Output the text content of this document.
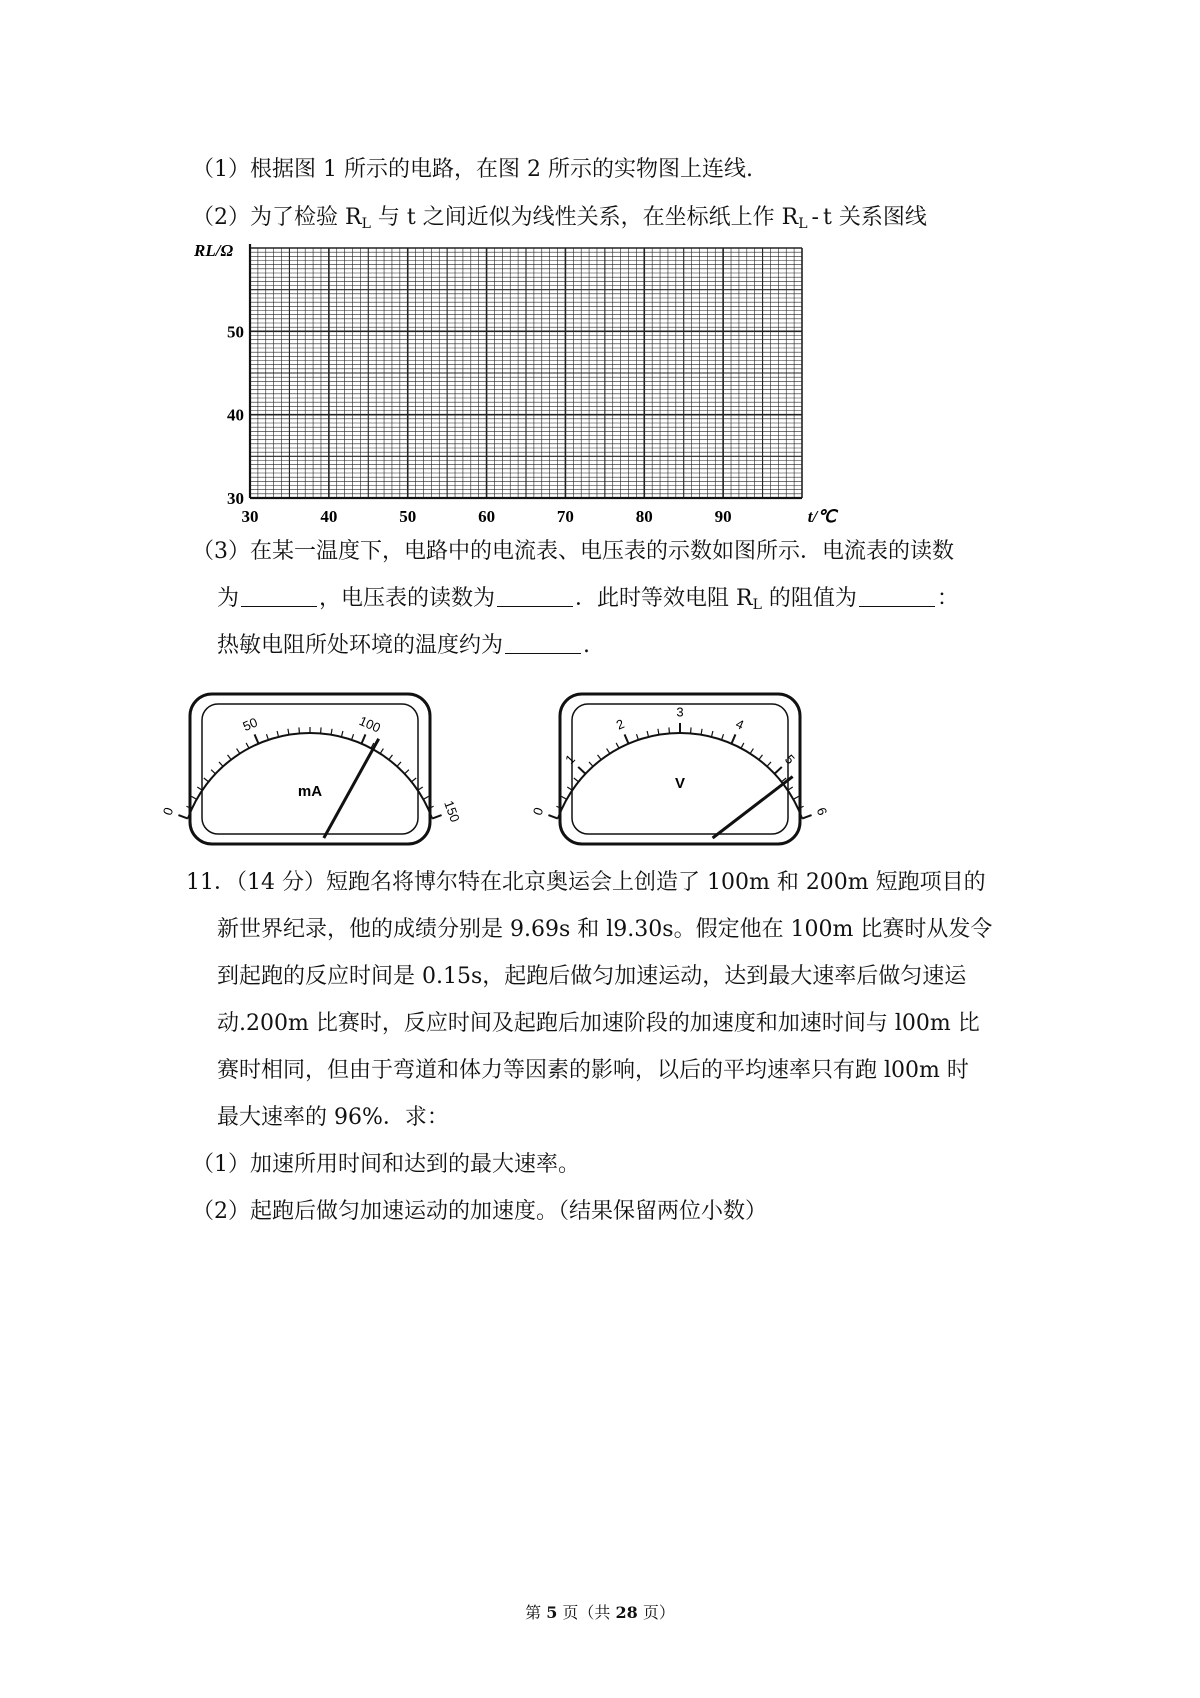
（1）根据图 1 所示的电路，在图 2 所示的实物图上连线.
（2）为了检验 $R_L$ 与 t 之间近似为线性关系，在坐标纸上作 $R_L$ - t 关系图线
30	40	50	60	70	80	90
30
40
50
t/℃
RL/Ω
（3）在某一温度下，电路中的电流表、电压表的示数如图所示．电流表的读数
为	，电压表的读数为	．此时等效电阻 $R_L$ 的阻值为	：
热敏电阻所处环境的温度约为	.
0
50	100
150
mA
0
1
2
3
4
5
6
V
11．（14 分）短跑名将博尔特在北京奥运会上创造了 100m 和 200m 短跑项目的
新世界纪录，他的成绩分别是 9.69s 和 l9.30s。假定他在 100m 比赛时从发令
到起跑的反应时间是 0.15s，起跑后做匀加速运动，达到最大速率后做匀速运
动.200m 比赛时，反应时间及起跑后加速阶段的加速度和加速时间与 l00m 比
赛时相同，但由于弯道和体力等因素的影响，以后的平均速率只有跑 l00m 时
最大速率的 96%．求：
（1）加速所用时间和达到的最大速率。
（2）起跑后做匀加速运动的加速度。（结果保留两位小数）
第 5 页（共 28 页）
